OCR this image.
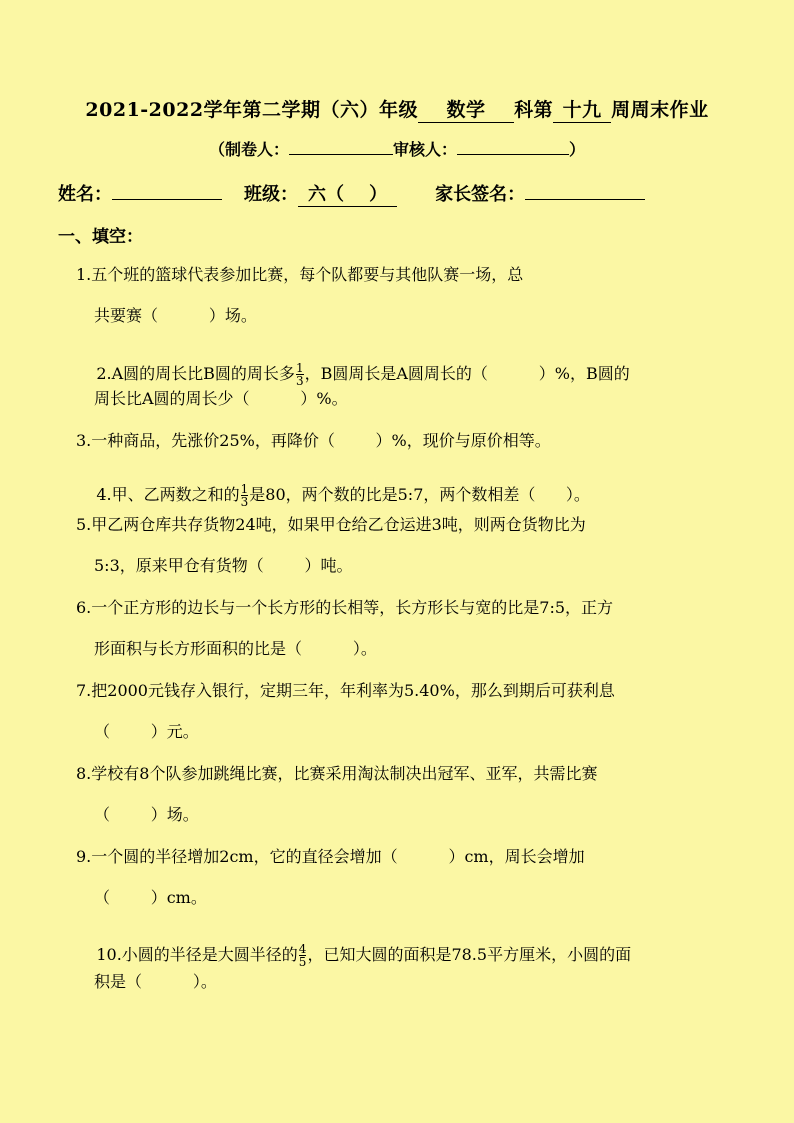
2021-2022学年第二学期（六）年级 数学 科第 十九 周周末作业
（制卷人：	审核人：	）
姓名：	班级： 六（    ）	家长签名：
一、填空：
1.五个班的篮球代表参加比赛，每个队都要与其他队赛一场，总
共要赛（          ）场。

2.A圆的周长比B圆的周长多 $\frac{1}{3}$ ，B圆周长是A圆周长的（          ）%，B圆的

周长比A圆的周长少（          ）%。
3.一种商品，先涨价25%，再降价（        ）%，现价与原价相等。

4.甲、乙两数之和的 $\frac{1}{3}$ 是80，两个数的比是5:7，两个数相差（      ）。

5.甲乙两仓库共存货物24吨，如果甲仓给乙仓运进3吨，则两仓货物比为
5:3，原来甲仓有货物（        ）吨。
6.一个正方形的边长与一个长方形的长相等，长方形长与宽的比是7:5，正方
形面积与长方形面积的比是（          ）。
7.把2000元钱存入银行，定期三年，年利率为5.40%，那么到期后可获利息
（        ）元。
8.学校有8个队参加跳绳比赛，比赛采用淘汰制决出冠军、亚军，共需比赛
（        ）场。
9.一个圆的半径增加2cm，它的直径会增加（          ）cm，周长会增加
（        ）cm。

10.小圆的半径是大圆半径的 $\frac{4}{5}$ ，已知大圆的面积是78.5平方厘米，小圆的面

积是（          ）。
